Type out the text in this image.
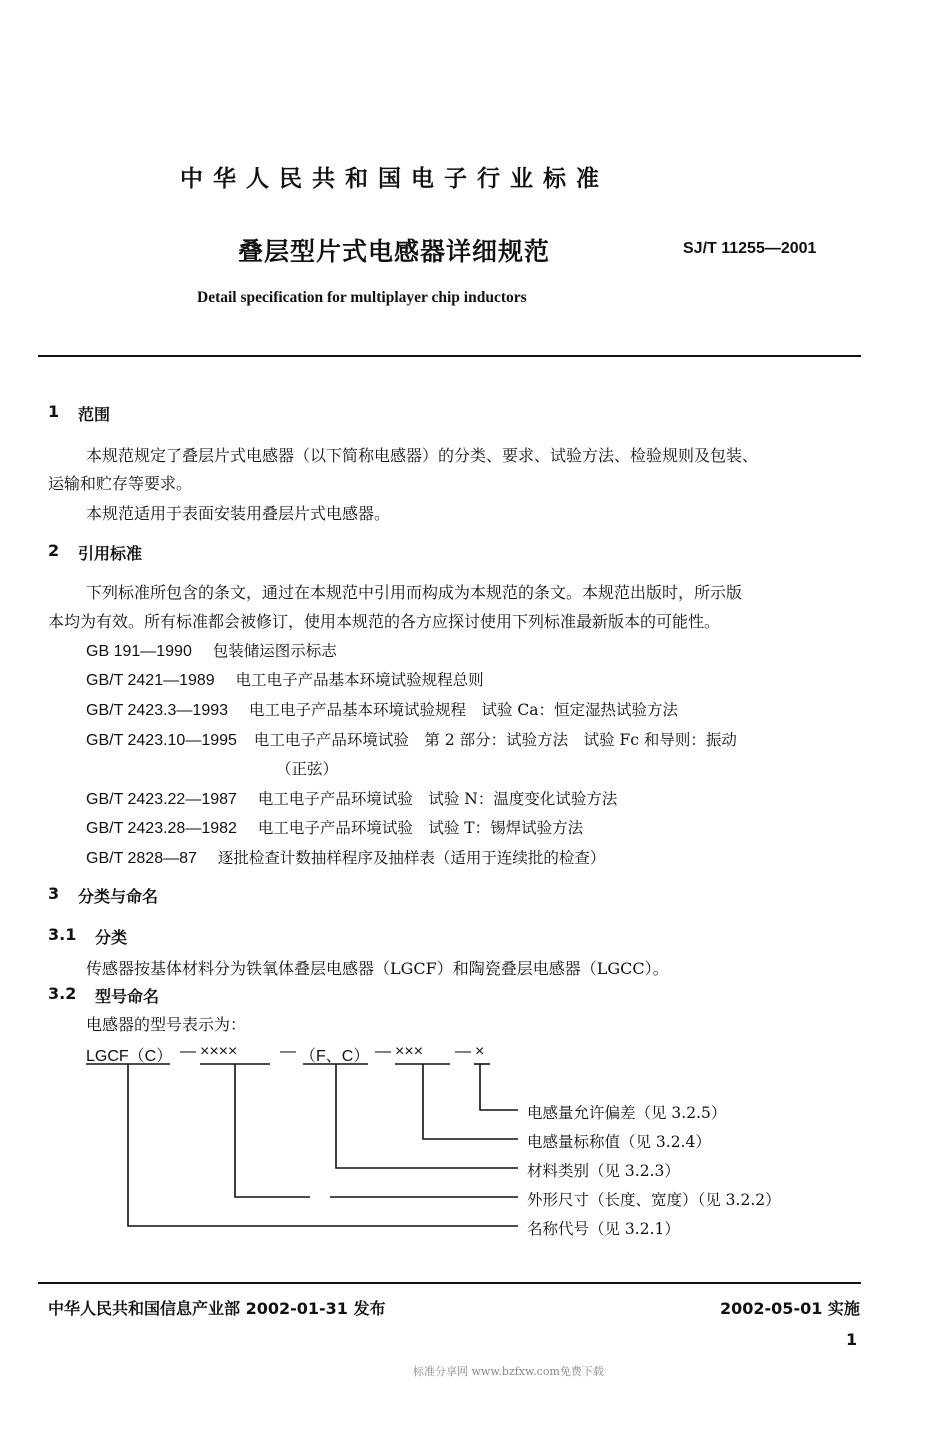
中华人民共和国电子行业标准
叠层型片式电感器详细规范	SJ/T 11255—2001
Detail specification for multiplayer chip inductors
1 范围
本规范规定了叠层片式电感器（以下简称电感器）的分类、要求、试验方法、检验规则及包装、
运输和贮存等要求。
本规范适用于表面安装用叠层片式电感器。
2 引用标准
下列标准所包含的条文，通过在本规范中引用而构成为本规范的条文。本规范出版时，所示版
本均为有效。所有标准都会被修订，使用本规范的各方应探讨使用下列标准最新版本的可能性。
GB 191—1990 包装储运图示标志
GB/T 2421—1989 电工电子产品基本环境试验规程总则
GB/T 2423.3—1993 电工电子产品基本环境试验规程　试验 Ca：恒定湿热试验方法
GB/T 2423.10—1995 电工电子产品环境试验　第 2 部分：试验方法　试验 Fc 和导则：振动
（正弦）
GB/T 2423.22—1987 电工电子产品环境试验　试验 N：温度变化试验方法
GB/T 2423.28—1982 电工电子产品环境试验　试验 T：锡焊试验方法
GB/T 2828—87 逐批检查计数抽样程序及抽样表（适用于连续批的检查）
3 分类与命名
3.1 分类
传感器按基体材料分为铁氧体叠层电感器（LGCF）和陶瓷叠层电感器（LGCC）。
3.2 型号命名
电感器的型号表示为：
LGCF（C） — ××××	— （F、C） — ××× — ×
电感量允许偏差（见 3.2.5）
电感量标称值（见 3.2.4）
材料类别（见 3.2.3）
外形尺寸（长度、宽度）（见 3.2.2）
名称代号（见 3.2.1）
中华人民共和国信息产业部 2002-01-31 发布	2002-05-01 实施
1
标准分享网 www.bzfxw.com免费下载
